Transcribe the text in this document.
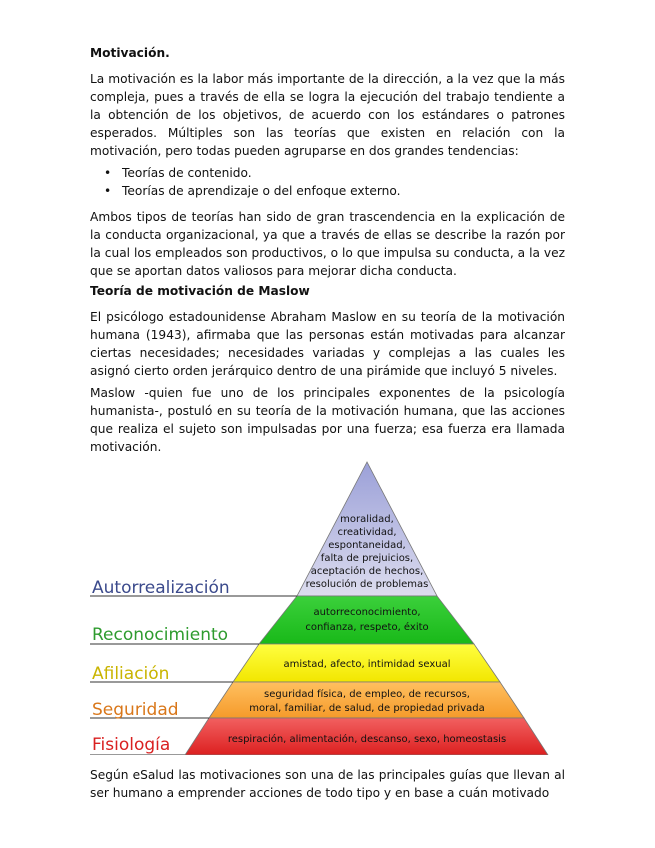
Motivación.
La motivación es la labor más importante de la dirección, a la vez que la más compleja, pues a través de ella se logra la ejecución del trabajo tendiente a la obtención de los objetivos, de acuerdo con los estándares o patrones esperados. Múltiples son las teorías que existen en relación con la motivación, pero todas pueden agruparse en dos grandes tendencias:
• Teorías de contenido.
• Teorías de aprendizaje o del enfoque externo.
Ambos tipos de teorías han sido de gran trascendencia en la explicación de la conducta organizacional, ya que a través de ellas se describe la razón por la cual los empleados son productivos, o lo que impulsa su conducta, a la vez que se aportan datos valiosos para mejorar dicha conducta.
Teoría de motivación de Maslow
El psicólogo estadounidense Abraham Maslow en su teoría de la motivación humana (1943), afirmaba que las personas están motivadas para alcanzar ciertas necesidades; necesidades variadas y complejas a las cuales les asignó cierto orden jerárquico dentro de una pirámide que incluyó 5 niveles.
Maslow -quien fue uno de los principales exponentes de la psicología humanista-, postuló en su teoría de la motivación humana, que las acciones que realiza el sujeto son impulsadas por una fuerza; esa fuerza era llamada motivación.
Autorrealización
Reconocimiento
Afiliación
Seguridad
Fisiología
moralidad,
creatividad,
espontaneidad,
falta de prejuicios,
aceptación de hechos,
resolución de problemas
autorreconocimiento,
confianza, respeto, éxito
amistad, afecto, intimidad sexual
seguridad física, de empleo, de recursos,
moral, familiar, de salud, de propiedad privada
respiración, alimentación, descanso, sexo, homeostasis
Según eSalud las motivaciones son una de las principales guías que llevan al ser humano a emprender acciones de todo tipo y en base a cuán motivado
